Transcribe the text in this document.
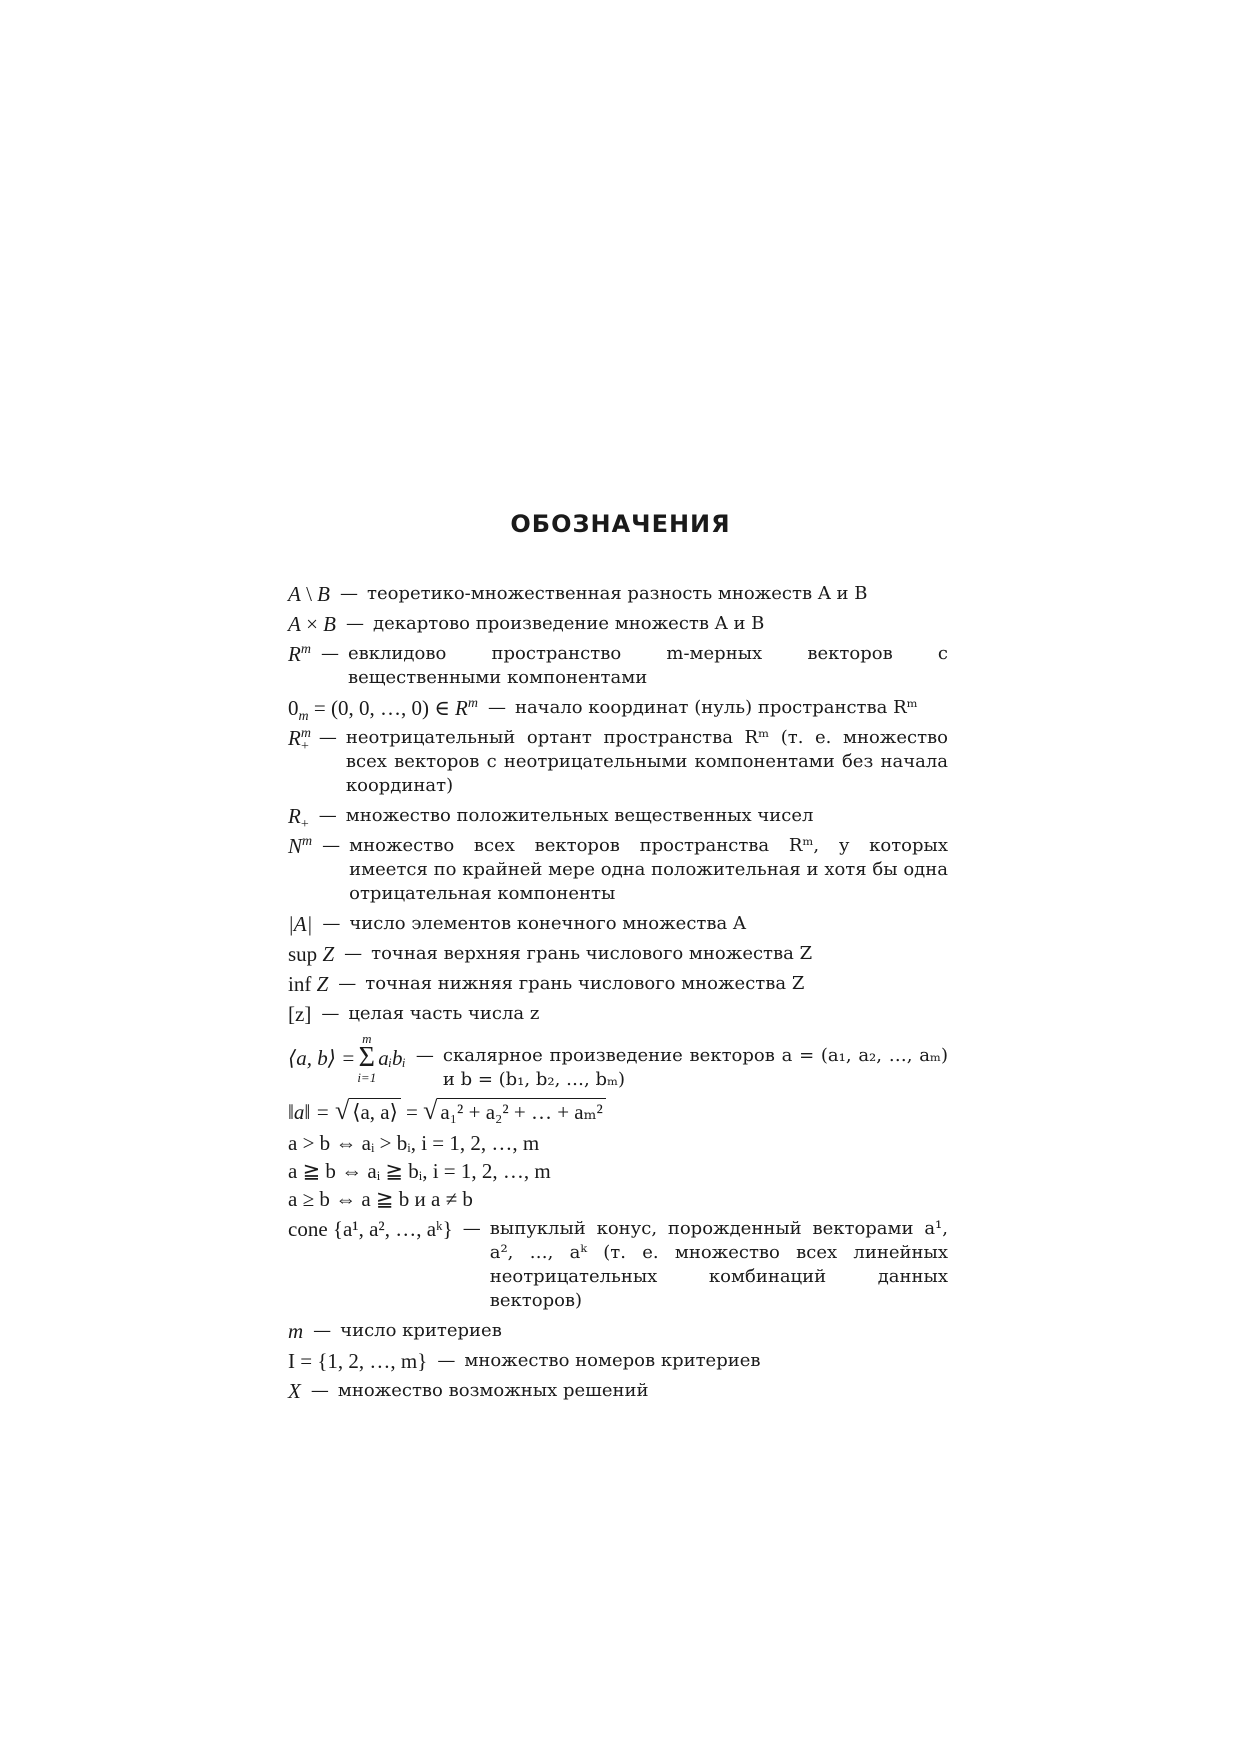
ОБОЗНАЧЕНИЯ
A \ B — теоретико-множественная разность множеств A и B
A × B — декартово произведение множеств A и B
$R^m$ — евклидово пространство m-мерных векторов с вещественными компонентами
$0_m = (0$, 0, …, 0) ∈ $R^m$ — начало координат (нуль) пространства Rᵐ
$R^m_+$ — неотрицательный ортант пространства Rᵐ (т. е. множество всех векторов с неотрицательными компонентами без начала координат)
$R_+$ — множество положительных вещественных чисел
$N^m$ — множество всех векторов пространства Rᵐ, у которых имеется по крайней мере одна положительная и хотя бы одна отрицательная компоненты
|A| — число элементов конечного множества A
sup Z — точная верхняя грань числового множества Z
inf Z — точная нижняя грань числового множества Z
[z] — целая часть числа z
⟨a, b⟩ =
m
Σ
i=1
aᵢbᵢ — скалярное произведение векторов a = (a₁, a₂, …, aₘ) и b = (b₁, b₂, …, bₘ)
‖a‖ = √ ⟨a, a⟩ = √ a₁² + a₂² + … + aₘ²
a > b ⇔ aᵢ > bᵢ, i = 1, 2, …, m
a ≧ b ⇔ aᵢ ≧ bᵢ, i = 1, 2, …, m
a ≥ b ⇔ a ≧ b и a ≠ b
cone {a¹, a², …, aᵏ} — выпуклый конус, порожденный векторами a¹, a², …, aᵏ (т. е. множество всех линейных неотрицательных комбинаций данных векторов)
m — число критериев
I = {1, 2, …, m} — множество номеров критериев
X — множество возможных решений
